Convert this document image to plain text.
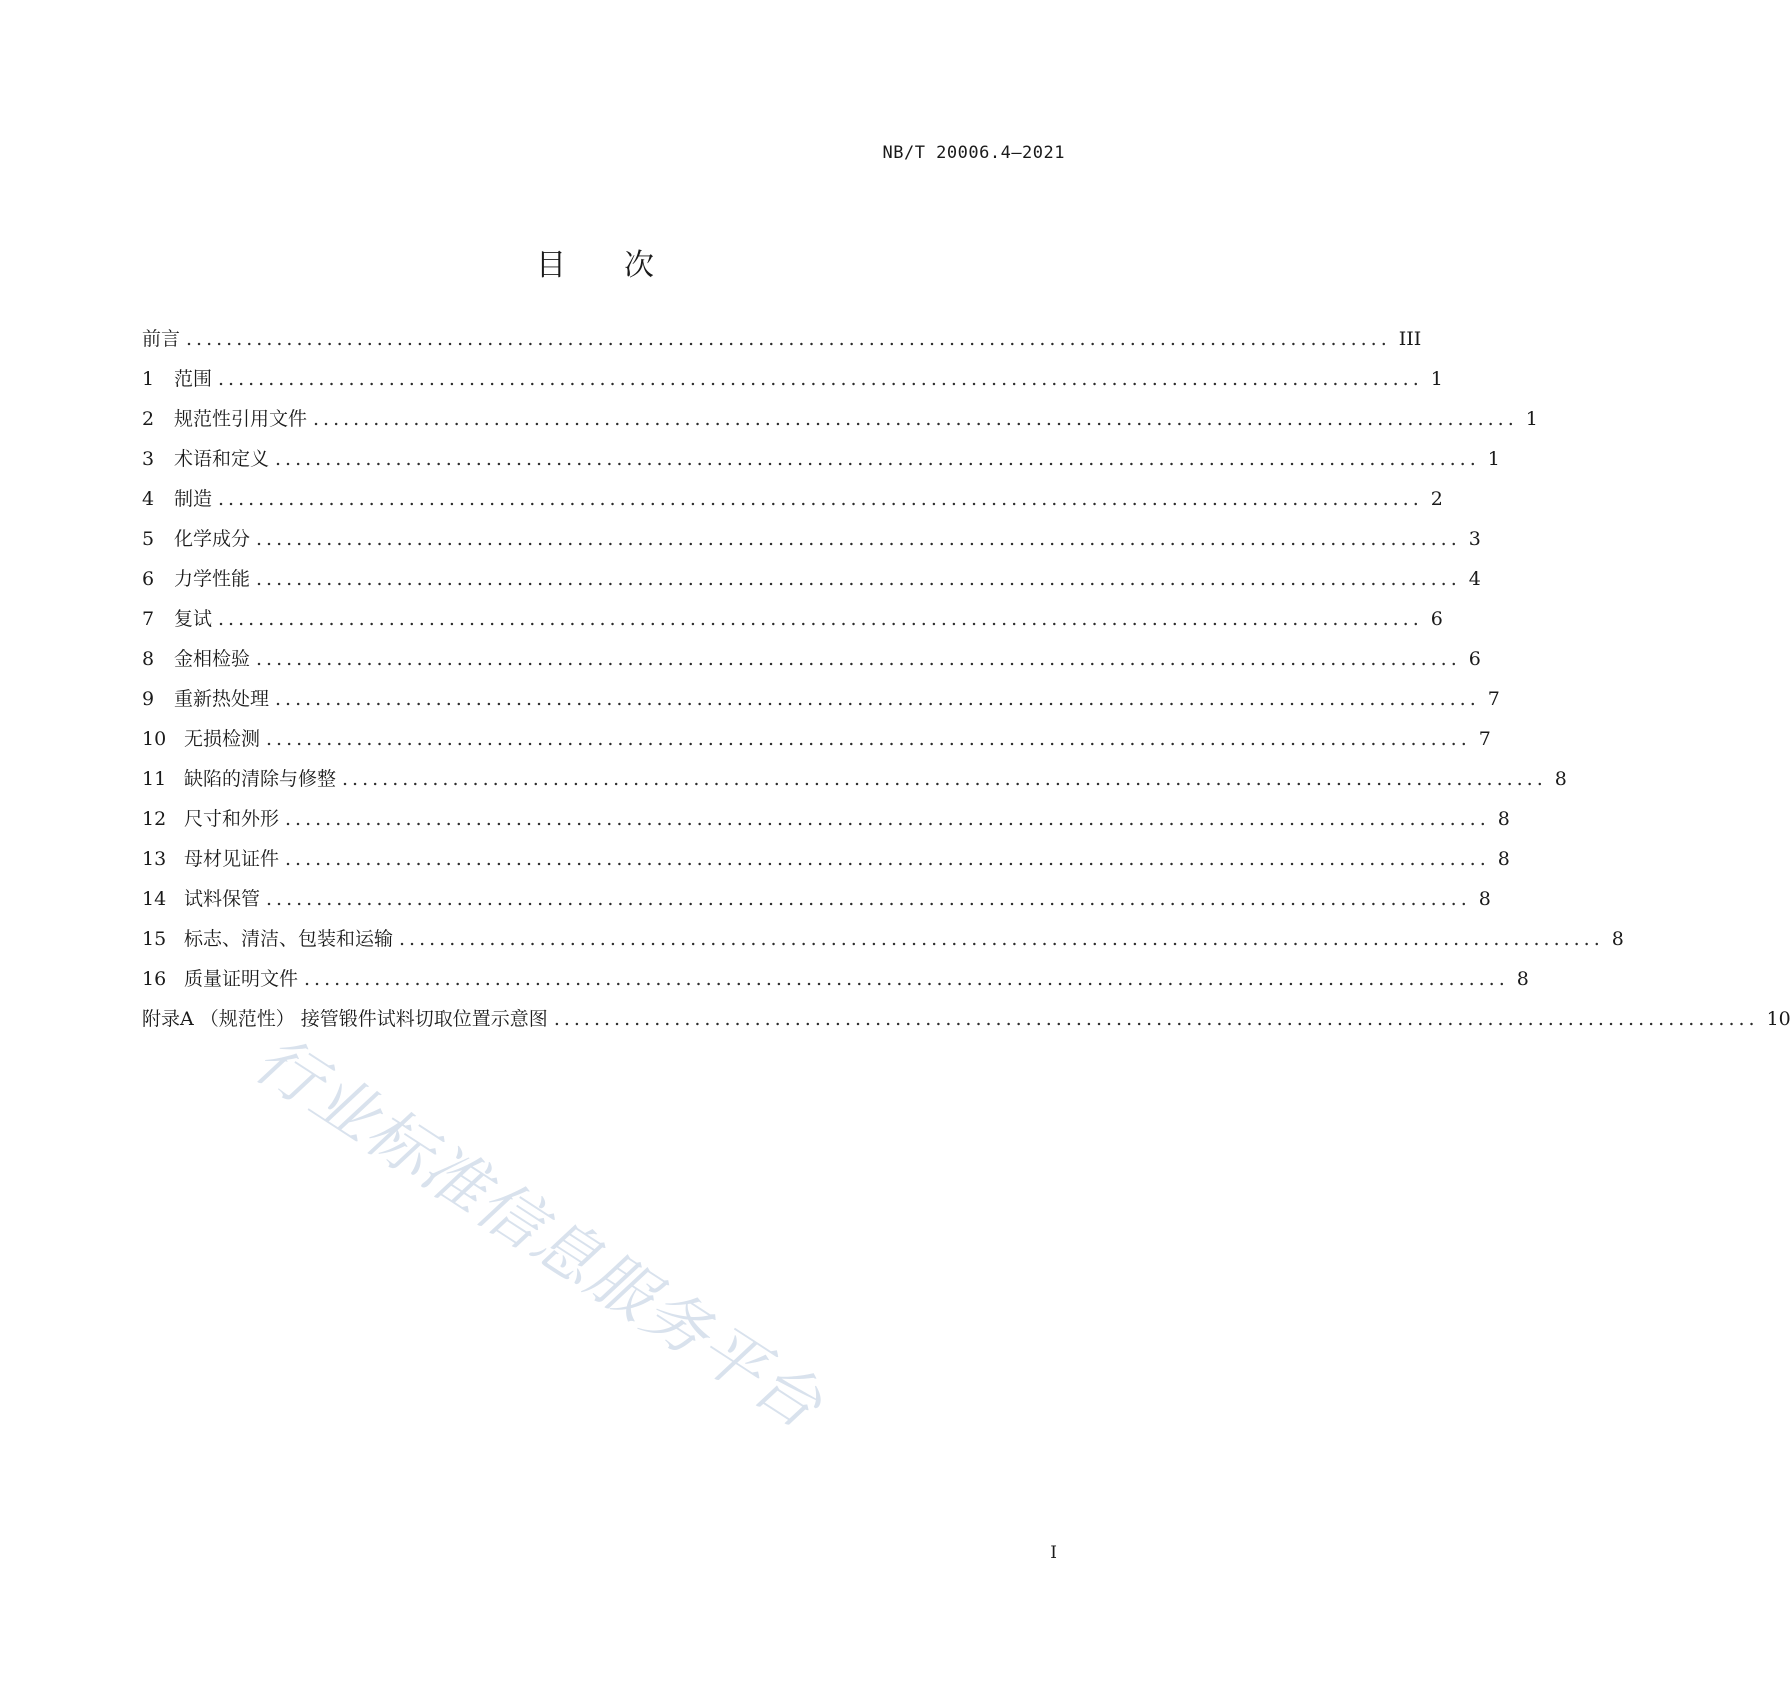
NB/T 20006.4—2021
目次
前言 ........................................................................................................................ III
1	范围 ........................................................................................................................ 1
2	规范性引用文件 ........................................................................................................................ 1
3	术语和定义 ........................................................................................................................ 1
4	制造 ........................................................................................................................ 2
5	化学成分 ........................................................................................................................ 3
6	力学性能 ........................................................................................................................ 4
7	复试 ........................................................................................................................ 6
8	金相检验 ........................................................................................................................ 6
9	重新热处理 ........................................................................................................................ 7
10 无损检测 ........................................................................................................................ 7
11 缺陷的清除与修整 ........................................................................................................................ 8
12 尺寸和外形 ........................................................................................................................ 8
13 母材见证件 ........................................................................................................................ 8
14 试料保管 ........................................................................................................................ 8
15 标志、清洁、包装和运输 ........................................................................................................................ 8
16 质量证明文件 ........................................................................................................................ 8
附录A （规范性） 接管锻件试料切取位置示意图 ........................................................................................................................ 10
行业标准信息服务平台
I
